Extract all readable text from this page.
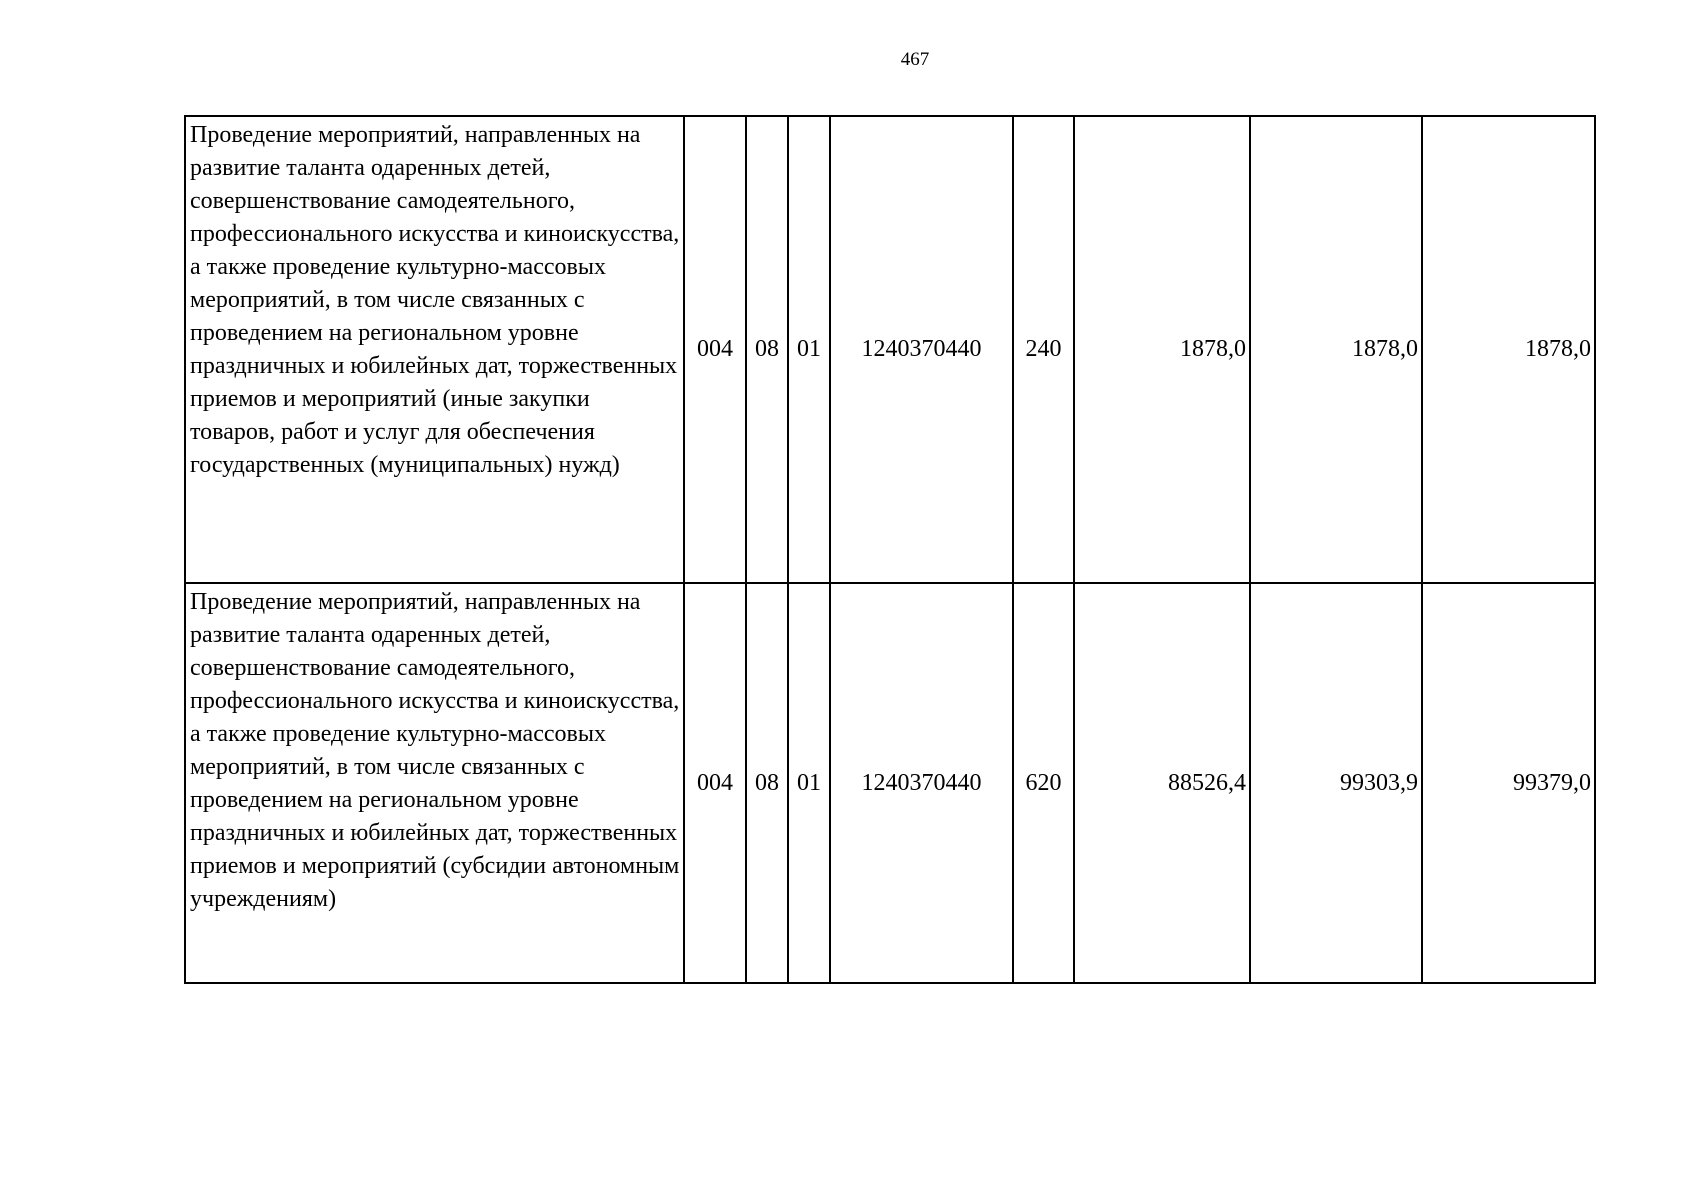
467
Проведение мероприятий, направленных на развитие таланта одаренных детей, совершенствование самодеятельного, профессионального искусства и киноискусства, а также проведение культурно-массовых мероприятий, в том числе связанных с проведением на региональном уровне праздничных и юбилейных дат, торжественных приемов и мероприятий (иные закупки товаров, работ и услуг для обеспечения государственных (муниципальных) нужд)	004	08	01	1240370440	240	1878,0	1878,0	1878,0
Проведение мероприятий, направленных на развитие таланта одаренных детей, совершенствование самодеятельного, профессионального искусства и киноискусства, а также проведение культурно-массовых мероприятий, в том числе связанных с проведением на региональном уровне праздничных и юбилейных дат, торжественных приемов и мероприятий (субсидии автономным учреждениям)	004	08	01	1240370440	620	88526,4	99303,9	99379,0
